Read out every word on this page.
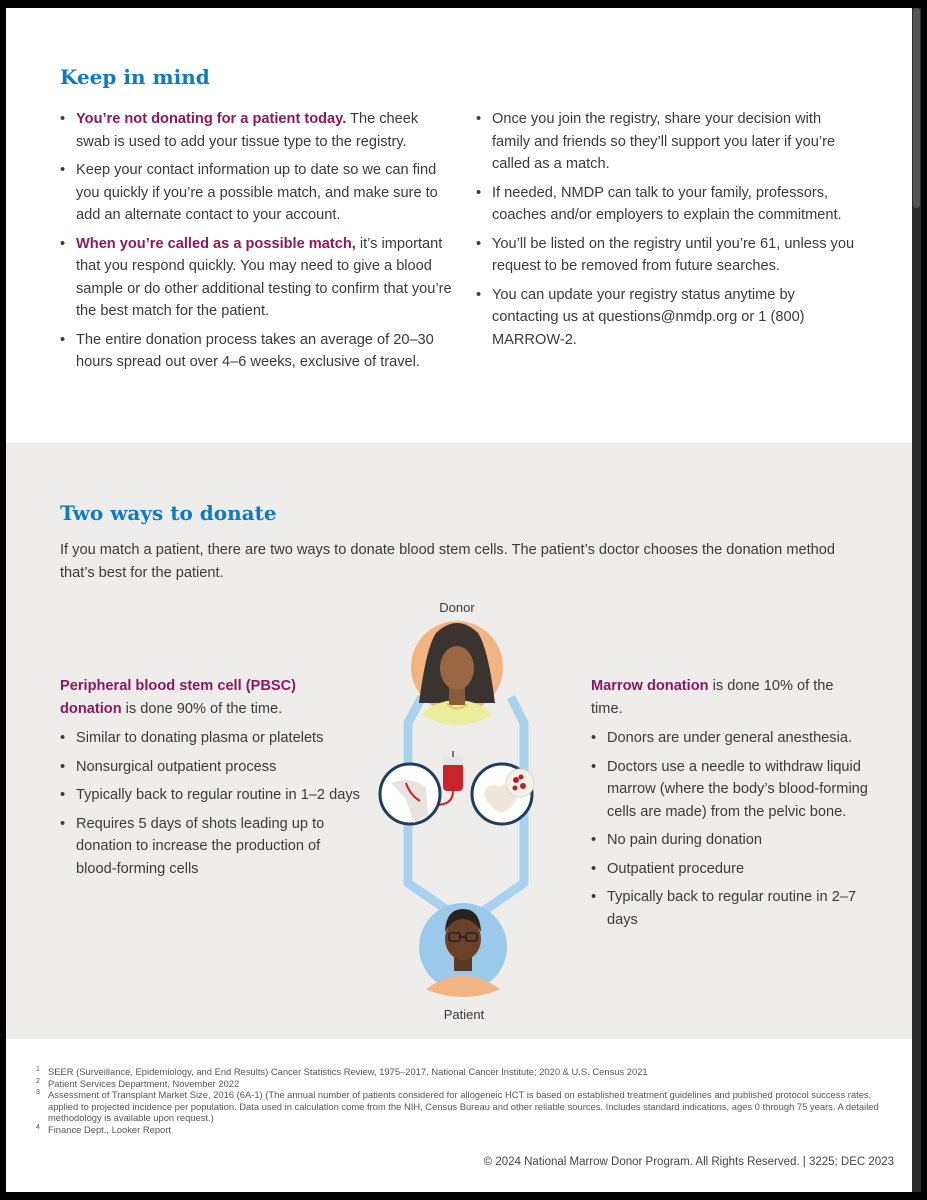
Keep in mind
• You’re not donating for a patient today. The cheek swab is used to add your tissue type to the registry.
• Keep your contact information up to date so we can find you quickly if you’re a possible match, and make sure to add an alternate contact to your account.
• When you’re called as a possible match, it’s important that you respond quickly. You may need to give a blood sample or do other additional testing to confirm that you’re the best match for the patient.
• The entire donation process takes an average of 20–30 hours spread out over 4–6 weeks, exclusive of travel.
• Once you join the registry, share your decision with family and friends so they’ll support you later if you’re called as a match.
• If needed, NMDP can talk to your family, professors, coaches and/or employers to explain the commitment.
• You’ll be listed on the registry until you’re 61, unless you request to be removed from future searches.
• You can update your registry status anytime by contacting us at questions@nmdp.org or 1 (800) MARROW-2.
Two ways to donate

If you match a patient, there are two ways to donate blood stem cells. The patient’s doctor chooses the donation method that’s best for the patient.

Peripheral blood stem cell (PBSC) donation is done 90% of the time.

• Similar to donating plasma or platelets
• Nonsurgical outpatient process
• Typically back to regular routine in 1–2 days
• Requires 5 days of shots leading up to donation to increase the production of blood-forming cells

Marrow donation is done 10% of the time.

• Donors are under general anesthesia.
• Doctors use a needle to withdraw liquid marrow (where the body’s blood-forming cells are made) from the pelvic bone.
• No pain during donation
• Outpatient procedure
• Typically back to regular routine in 2–7 days
Donor
Patient

1 SEER (Surveillance, Epidemiology, and End Results) Cancer Statistics Review, 1975–2017. National Cancer Institute; 2020 & U.S. Census 2021

2 Patient Services Department, November 2022

3 Assessment of Transplant Market Size, 2016 (6A-1) (The annual number of patients considered for allogeneic HCT is based on established treatment guidelines and published protocol success rates, applied to projected incidence per population. Data used in calculation come from the NIH, Census Bureau and other reliable sources. Includes standard indications, ages 0 through 75 years. A detailed methodology is available upon request.)

4 Finance Dept., Looker Report

© 2024 National Marrow Donor Program. All Rights Reserved. | 3225; DEC 2023
